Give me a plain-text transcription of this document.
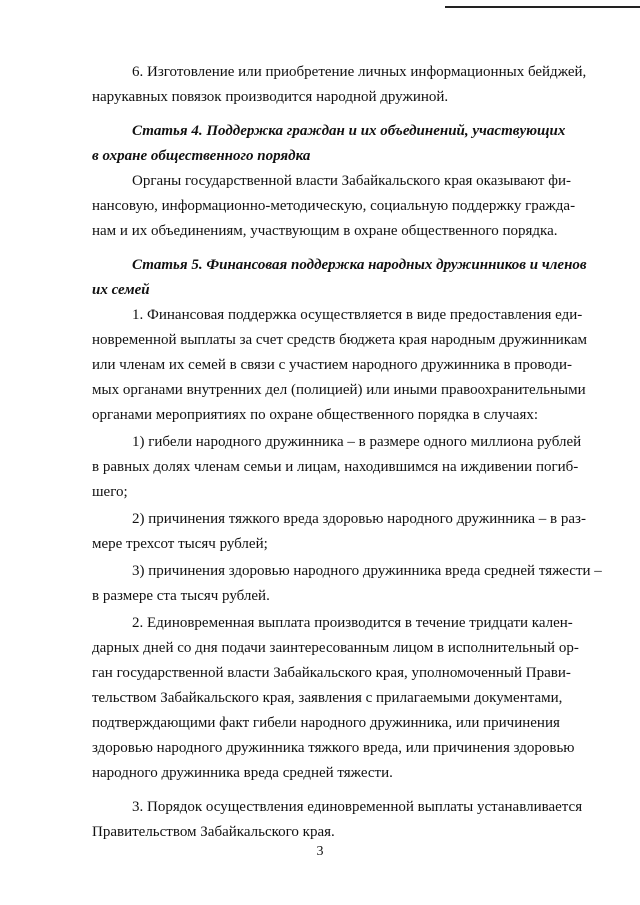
6. Изготовление или приобретение личных информационных бейджей,
нарукавных повязок производится народной дружиной.
Статья 4. Поддержка граждан и их объединений, участвующих
в охране общественного порядка
Органы государственной власти Забайкальского края оказывают фи-
нансовую, информационно-методическую, социальную поддержку гражда-
нам и их объединениям, участвующим в охране общественного порядка.
Статья 5. Финансовая поддержка народных дружинников и членов
их семей
1. Финансовая поддержка осуществляется в виде предоставления еди-
новременной выплаты за счет средств бюджета края народным дружинникам
или членам их семей в связи с участием народного дружинника в проводи-
мых органами внутренних дел (полицией) или иными правоохранительными
органами мероприятиях по охране общественного порядка в случаях:
1) гибели народного дружинника – в размере одного миллиона рублей
в равных долях членам семьи и лицам, находившимся на иждивении погиб-
шего;
2) причинения тяжкого вреда здоровью народного дружинника – в раз-
мере трехсот тысяч рублей;
3) причинения здоровью народного дружинника вреда средней тяжести –
в размере ста тысяч рублей.
2. Единовременная выплата производится в течение тридцати кален-
дарных дней со дня подачи заинтересованным лицом в исполнительный ор-
ган государственной власти Забайкальского края, уполномоченный Прави-
тельством Забайкальского края, заявления с прилагаемыми документами,
подтверждающими факт гибели народного дружинника, или причинения
здоровью народного дружинника тяжкого вреда, или причинения здоровью
народного дружинника вреда средней тяжести.
3. Порядок осуществления единовременной выплаты устанавливается
Правительством Забайкальского края.
3
